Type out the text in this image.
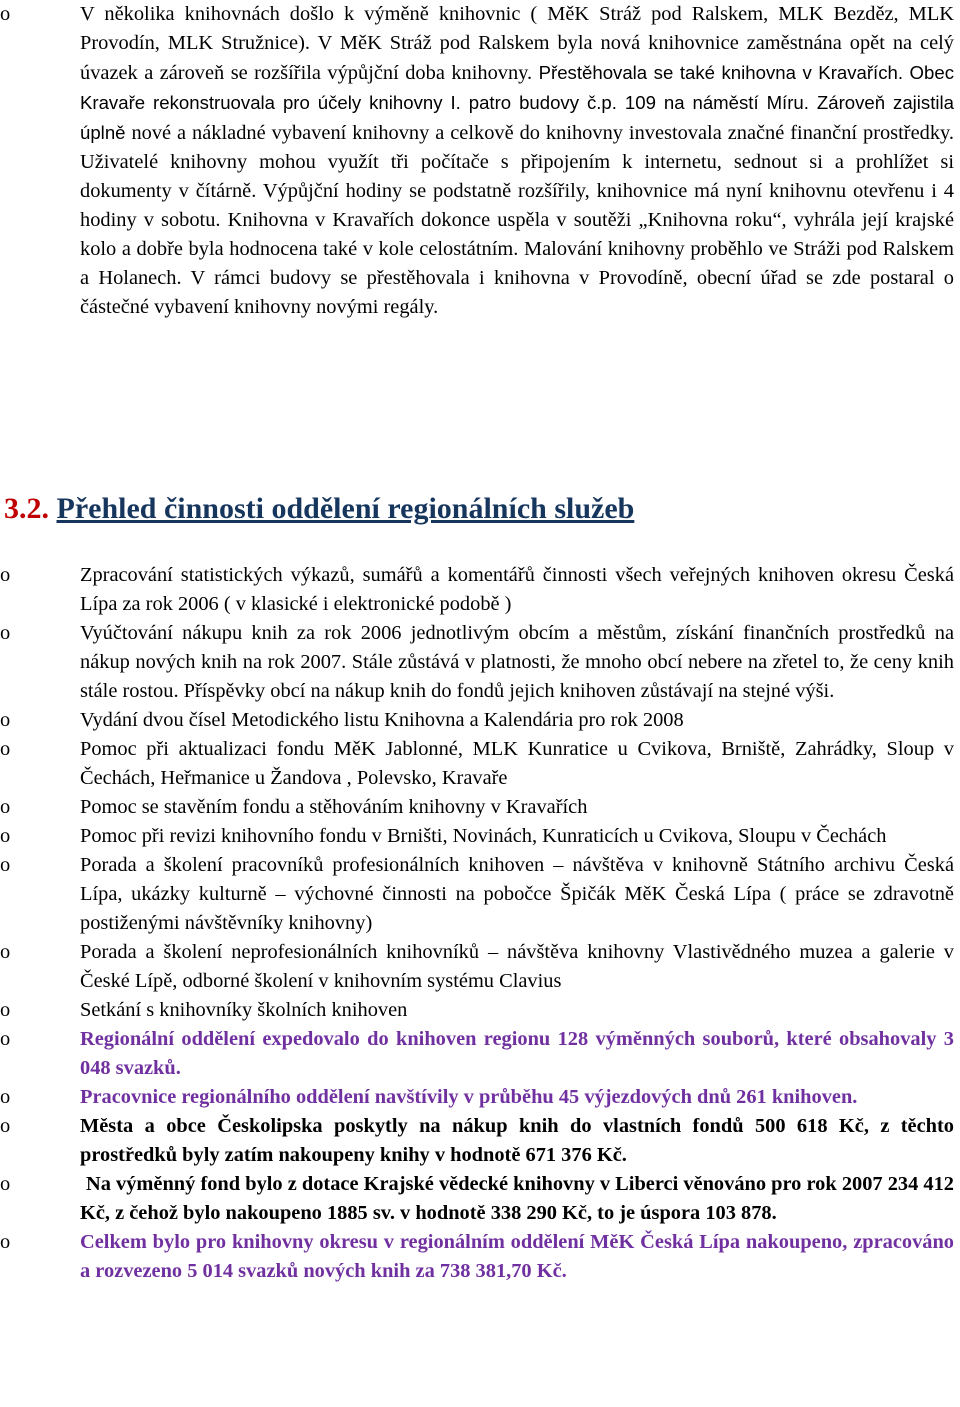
o	V několika knihovnách došlo k výměně knihovnic ( MěK Stráž pod Ralskem, MLK Bezděz, MLK Provodín, MLK Stružnice). V MěK Stráž pod Ralskem byla nová knihovnice zaměstnána opět na celý úvazek a zároveň se rozšířila výpůjční doba knihovny. Přestěhovala se také knihovna v Kravařích. Obec Kravaře rekonstruovala pro účely knihovny I. patro budovy č.p. 109 na náměstí Míru. Zároveň zajistila úplně nové a nákladné vybavení knihovny a celkově do knihovny investovala značné finanční prostředky. Uživatelé knihovny mohou využít tři počítače s připojením k internetu, sednout si a prohlížet si dokumenty v čítárně. Výpůjční hodiny se podstatně rozšířily, knihovnice má nyní knihovnu otevřenu i 4 hodiny v sobotu. Knihovna v Kravařích dokonce uspěla v soutěži „Knihovna roku“, vyhrála její krajské kolo a dobře byla hodnocena také v kole celostátním. Malování knihovny proběhlo ve Stráži pod Ralskem a Holanech. V rámci budovy se přestěhovala i knihovna v Provodíně, obecní úřad se zde postaral o částečné vybavení knihovny novými regály.
3.2. Přehled činnosti oddělení regionálních služeb
o	Zpracování statistických výkazů, sumářů a komentářů činnosti všech veřejných knihoven okresu Česká Lípa za rok 2006 ( v klasické i elektronické podobě )
o	Vyúčtování nákupu knih za rok 2006 jednotlivým obcím a městům, získání finančních prostředků na nákup nových knih na rok 2007. Stále zůstává v platnosti, že mnoho obcí nebere na zřetel to, že ceny knih stále rostou. Příspěvky obcí na nákup knih do fondů jejich knihoven zůstávají na stejné výši.
o	Vydání dvou čísel Metodického listu Knihovna a Kalendária pro rok 2008
o	Pomoc při aktualizaci fondu MěK Jablonné, MLK Kunratice u Cvikova, Brniště, Zahrádky, Sloup v Čechách, Heřmanice u Žandova , Polevsko, Kravaře
o	Pomoc se stavěním fondu a stěhováním knihovny v Kravařích
o	Pomoc při revizi knihovního fondu v Brništi, Novinách, Kunraticích u Cvikova, Sloupu v Čechách
o	Porada a školení pracovníků profesionálních knihoven – návštěva v knihovně Státního archivu Česká Lípa, ukázky kulturně – výchovné činnosti na pobočce Špičák MěK Česká Lípa ( práce se zdravotně postiženými návštěvníky knihovny)
o	Porada a školení neprofesionálních knihovníků – návštěva knihovny Vlastivědného muzea a galerie v České Lípě, odborné školení v knihovním systému Clavius
o	Setkání s knihovníky školních knihoven
o	Regionální oddělení expedovalo do knihoven regionu 128 výměnných souborů, které obsahovaly 3 048 svazků.
o	Pracovnice regionálního oddělení navštívily v průběhu 45 výjezdových dnů 261 knihoven.
o	Města a obce Českolipska poskytly na nákup knih do vlastních fondů 500 618 Kč, z těchto prostředků byly zatím nakoupeny knihy v hodnotě 671 376 Kč.
o	Na výměnný fond bylo z dotace Krajské vědecké knihovny v Liberci věnováno pro rok 2007 234 412 Kč, z čehož bylo nakoupeno 1885 sv. v hodnotě 338 290 Kč, to je úspora 103 878.
o	Celkem bylo pro knihovny okresu v regionálním oddělení MěK Česká Lípa nakoupeno, zpracováno a rozvezeno 5 014 svazků nových knih za 738 381,70 Kč.
